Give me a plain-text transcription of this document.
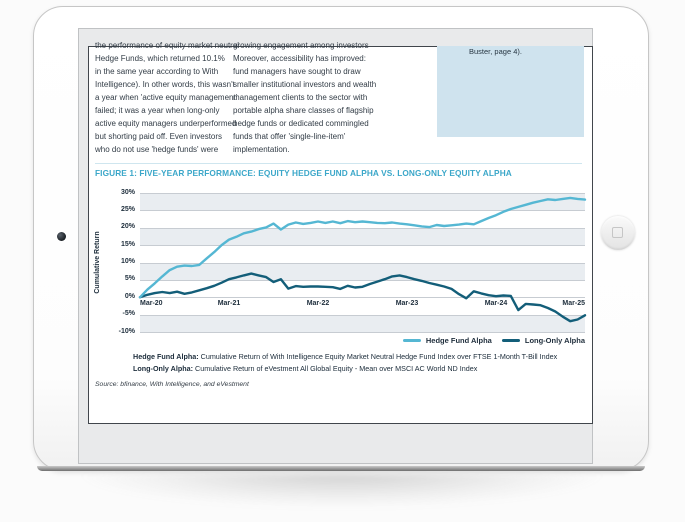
the performance of equity market neutral
Hedge Funds, which returned 10.1%
in the same year according to With
Intelligence). In other words, this wasn't
a year when 'active equity management'
failed; it was a year when long-only
active equity managers underperformed
but shorting paid off. Even investors
who do not use 'hedge funds' were
growing engagement among investors
Moreover, accessibility has improved:
fund managers have sought to draw
smaller institutional investors and wealth
management clients to the sector with
portable alpha share classes of flagship
hedge funds or dedicated commingled
funds that offer 'single-line-item'
implementation.
Buster, page 4).
FIGURE 1: FIVE-YEAR PERFORMANCE: EQUITY HEDGE FUND ALPHA VS. LONG-ONLY EQUITY ALPHA
Cumulative Return
30%
25%
20%
15%
10%
5%
0%
-5%
-10%
Mar-20	Mar-21	Mar-22	Mar-23	Mar-24	Mar-25
Hedge Fund Alpha	Long-Only Alpha
Hedge Fund Alpha: Cumulative Return of With Intelligence Equity Market Neutral Hedge Fund Index over FTSE 1-Month T-Bill Index
Long-Only Alpha: Cumulative Return of eVestment All Global Equity - Mean over MSCI AC World ND Index
Source: bfinance, With Intelligence, and eVestment
